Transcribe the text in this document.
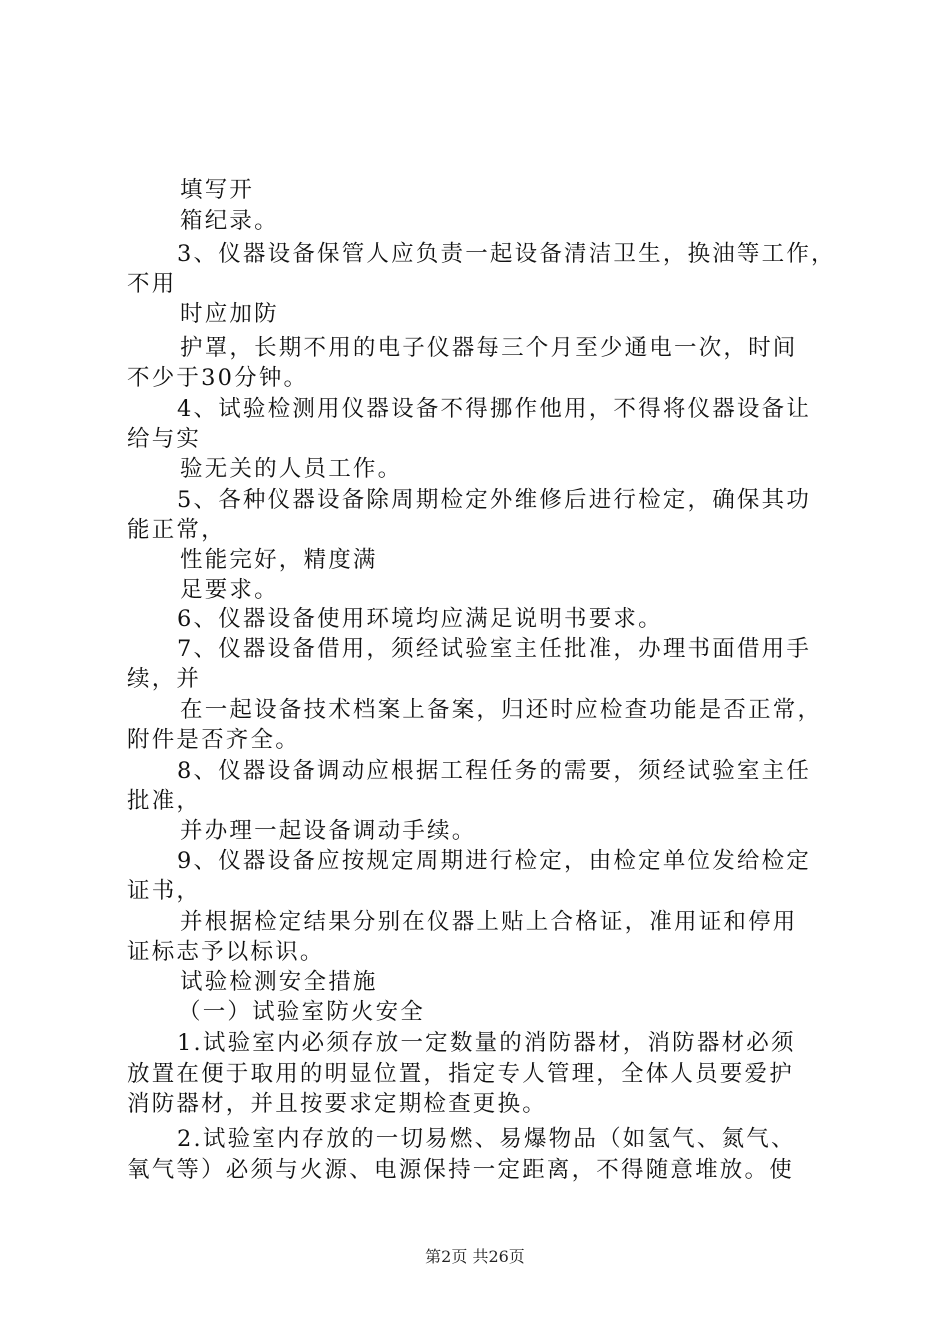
填写开
箱纪录。
3、仪器设备保管人应负责一起设备清洁卫生，换油等工作，
不用
时应加防
护罩，长期不用的电子仪器每三个月至少通电一次，时间
不少于30分钟。
4、试验检测用仪器设备不得挪作他用，不得将仪器设备让
给与实
验无关的人员工作。
5、各种仪器设备除周期检定外维修后进行检定，确保其功
能正常，
性能完好，精度满
足要求。
6、仪器设备使用环境均应满足说明书要求。
7、仪器设备借用，须经试验室主任批准，办理书面借用手
续，并
在一起设备技术档案上备案，归还时应检查功能是否正常，
附件是否齐全。
8、仪器设备调动应根据工程任务的需要，须经试验室主任
批准，
并办理一起设备调动手续。
9、仪器设备应按规定周期进行检定，由检定单位发给检定
证书，
并根据检定结果分别在仪器上贴上合格证，准用证和停用
证标志予以标识。
试验检测安全措施
（一）试验室防火安全
1.试验室内必须存放一定数量的消防器材，消防器材必须
放置在便于取用的明显位置，指定专人管理，全体人员要爱护
消防器材，并且按要求定期检查更换。
2.试验室内存放的一切易燃、易爆物品（如氢气、氮气、
氧气等）必须与火源、电源保持一定距离，不得随意堆放。使
第2页 共26页
